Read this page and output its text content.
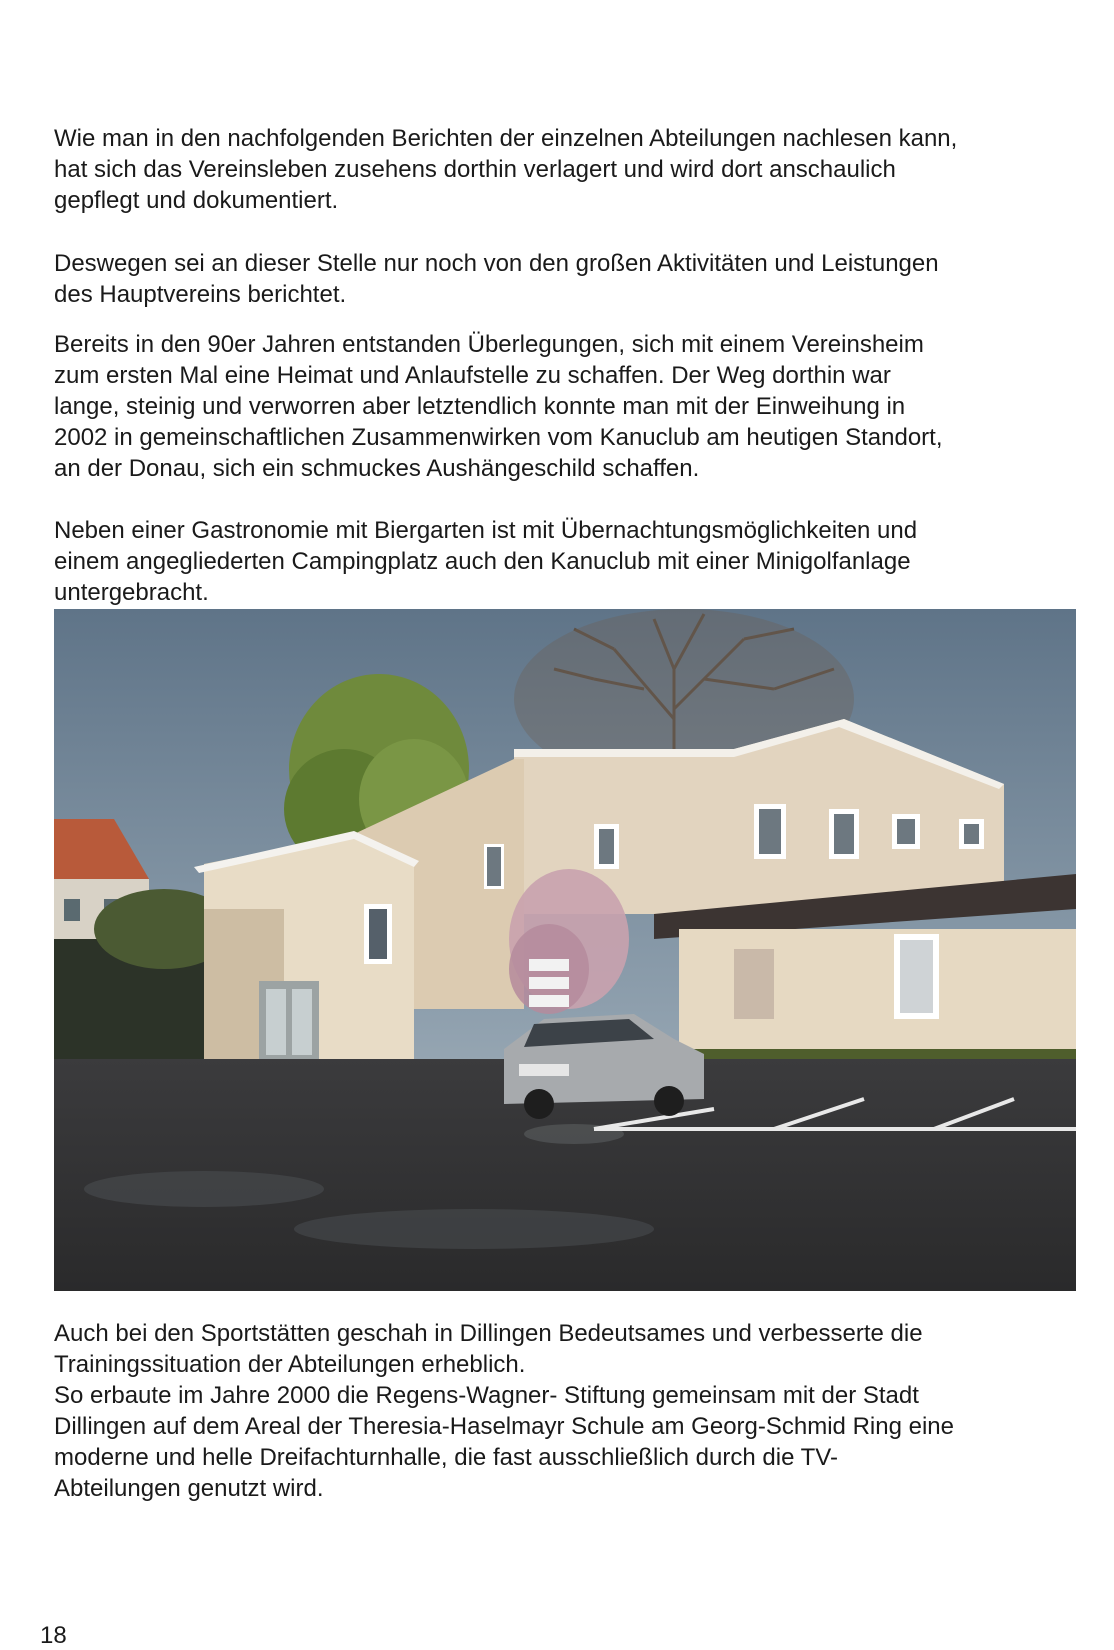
Wie man in den nachfolgenden Berichten der einzelnen Abteilungen nachlesen kann,
hat sich das Vereinsleben zusehens dorthin verlagert und wird dort anschaulich
gepflegt und dokumentiert.

Deswegen sei an dieser Stelle nur noch von den großen Aktivitäten und Leistungen
des Hauptvereins berichtet.

Bereits in den 90er Jahren entstanden Überlegungen, sich mit einem Vereinsheim
zum ersten Mal eine Heimat und Anlaufstelle zu schaffen. Der Weg dorthin war
lange, steinig und verworren aber letztendlich konnte man mit der Einweihung in
2002 in gemeinschaftlichen Zusammenwirken vom Kanuclub am heutigen Standort,
an der Donau, sich ein schmuckes Aushängeschild schaffen.

Neben einer Gastronomie mit Biergarten ist mit Übernachtungsmöglichkeiten und
einem angegliederten Campingplatz auch den Kanuclub mit einer Minigolfanlage
untergebracht.

Auch bei den Sportstätten geschah in Dillingen Bedeutsames und verbesserte die
Trainingssituation der Abteilungen erheblich.

So erbaute im Jahre 2000 die Regens-Wagner- Stiftung gemeinsam mit der Stadt
Dillingen auf dem Areal der Theresia-Haselmayr Schule am Georg-Schmid Ring eine
moderne und helle Dreifachturnhalle, die fast ausschließlich durch die TV-
Abteilungen genutzt wird.

18
